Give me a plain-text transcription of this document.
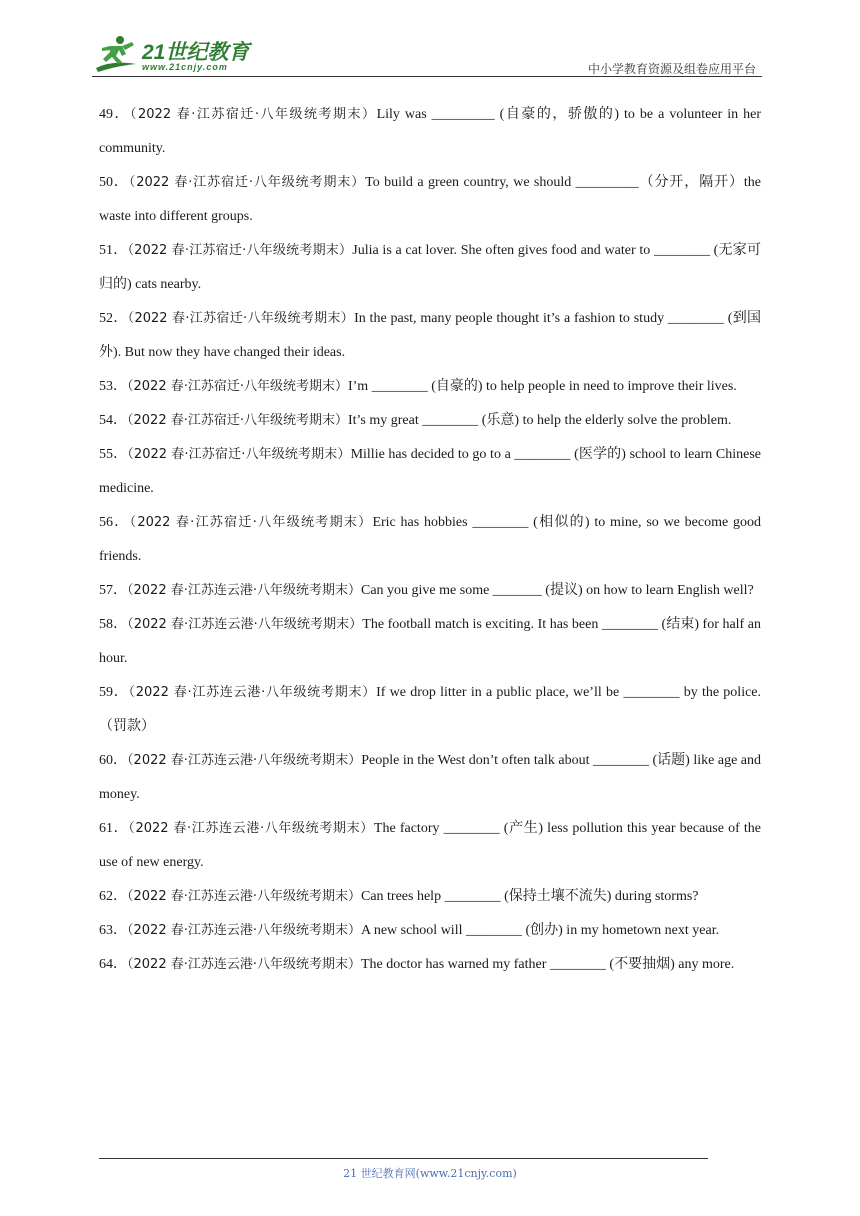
21世纪教育
www.21cnjy.com	中小学教育资源及组卷应用平台
49．（2022 春·江苏宿迁·八年级统考期末）Lily was _________ (自豪的，骄傲的) to be a volunteer in her community.
50．（2022 春·江苏宿迁·八年级统考期末）To build a green country, we should _________（分开，隔开）the waste into different groups.
51．（2022 春·江苏宿迁·八年级统考期末）Julia is a cat lover. She often gives food and water to ________ (无家可归的) cats nearby.
52．（2022 春·江苏宿迁·八年级统考期末）In the past, many people thought it’s a fashion to study ________ (到国外). But now they have changed their ideas.
53．（2022 春·江苏宿迁·八年级统考期末）I’m ________ (自豪的) to help people in need to improve their lives.
54．（2022 春·江苏宿迁·八年级统考期末）It’s my great ________ (乐意) to help the elderly solve the problem.
55．（2022 春·江苏宿迁·八年级统考期末）Millie has decided to go to a ________ (医学的) school to learn Chinese medicine.
56．（2022 春·江苏宿迁·八年级统考期末）Eric has hobbies ________ (相似的) to mine, so we become good friends.
57．（2022 春·江苏连云港·八年级统考期末）Can you give me some _______ (提议) on how to learn English well?
58．（2022 春·江苏连云港·八年级统考期末）The football match is exciting. It has been ________ (结束) for half an hour.
59．（2022 春·江苏连云港·八年级统考期末）If we drop litter in a public place, we’ll be ________ by the police.（罚款）
60．（2022 春·江苏连云港·八年级统考期末）People in the West don’t often talk about ________ (话题) like age and money.
61．（2022 春·江苏连云港·八年级统考期末）The factory ________ (产生) less pollution this year because of the use of new energy.
62．（2022 春·江苏连云港·八年级统考期末）Can trees help ________ (保持土壤不流失) during storms?
63．（2022 春·江苏连云港·八年级统考期末）A new school will ________ (创办) in my hometown next year.
64．（2022 春·江苏连云港·八年级统考期末）The doctor has warned my father ________ (不要抽烟) any more.
21 世纪教育网(www.21cnjy.com)
